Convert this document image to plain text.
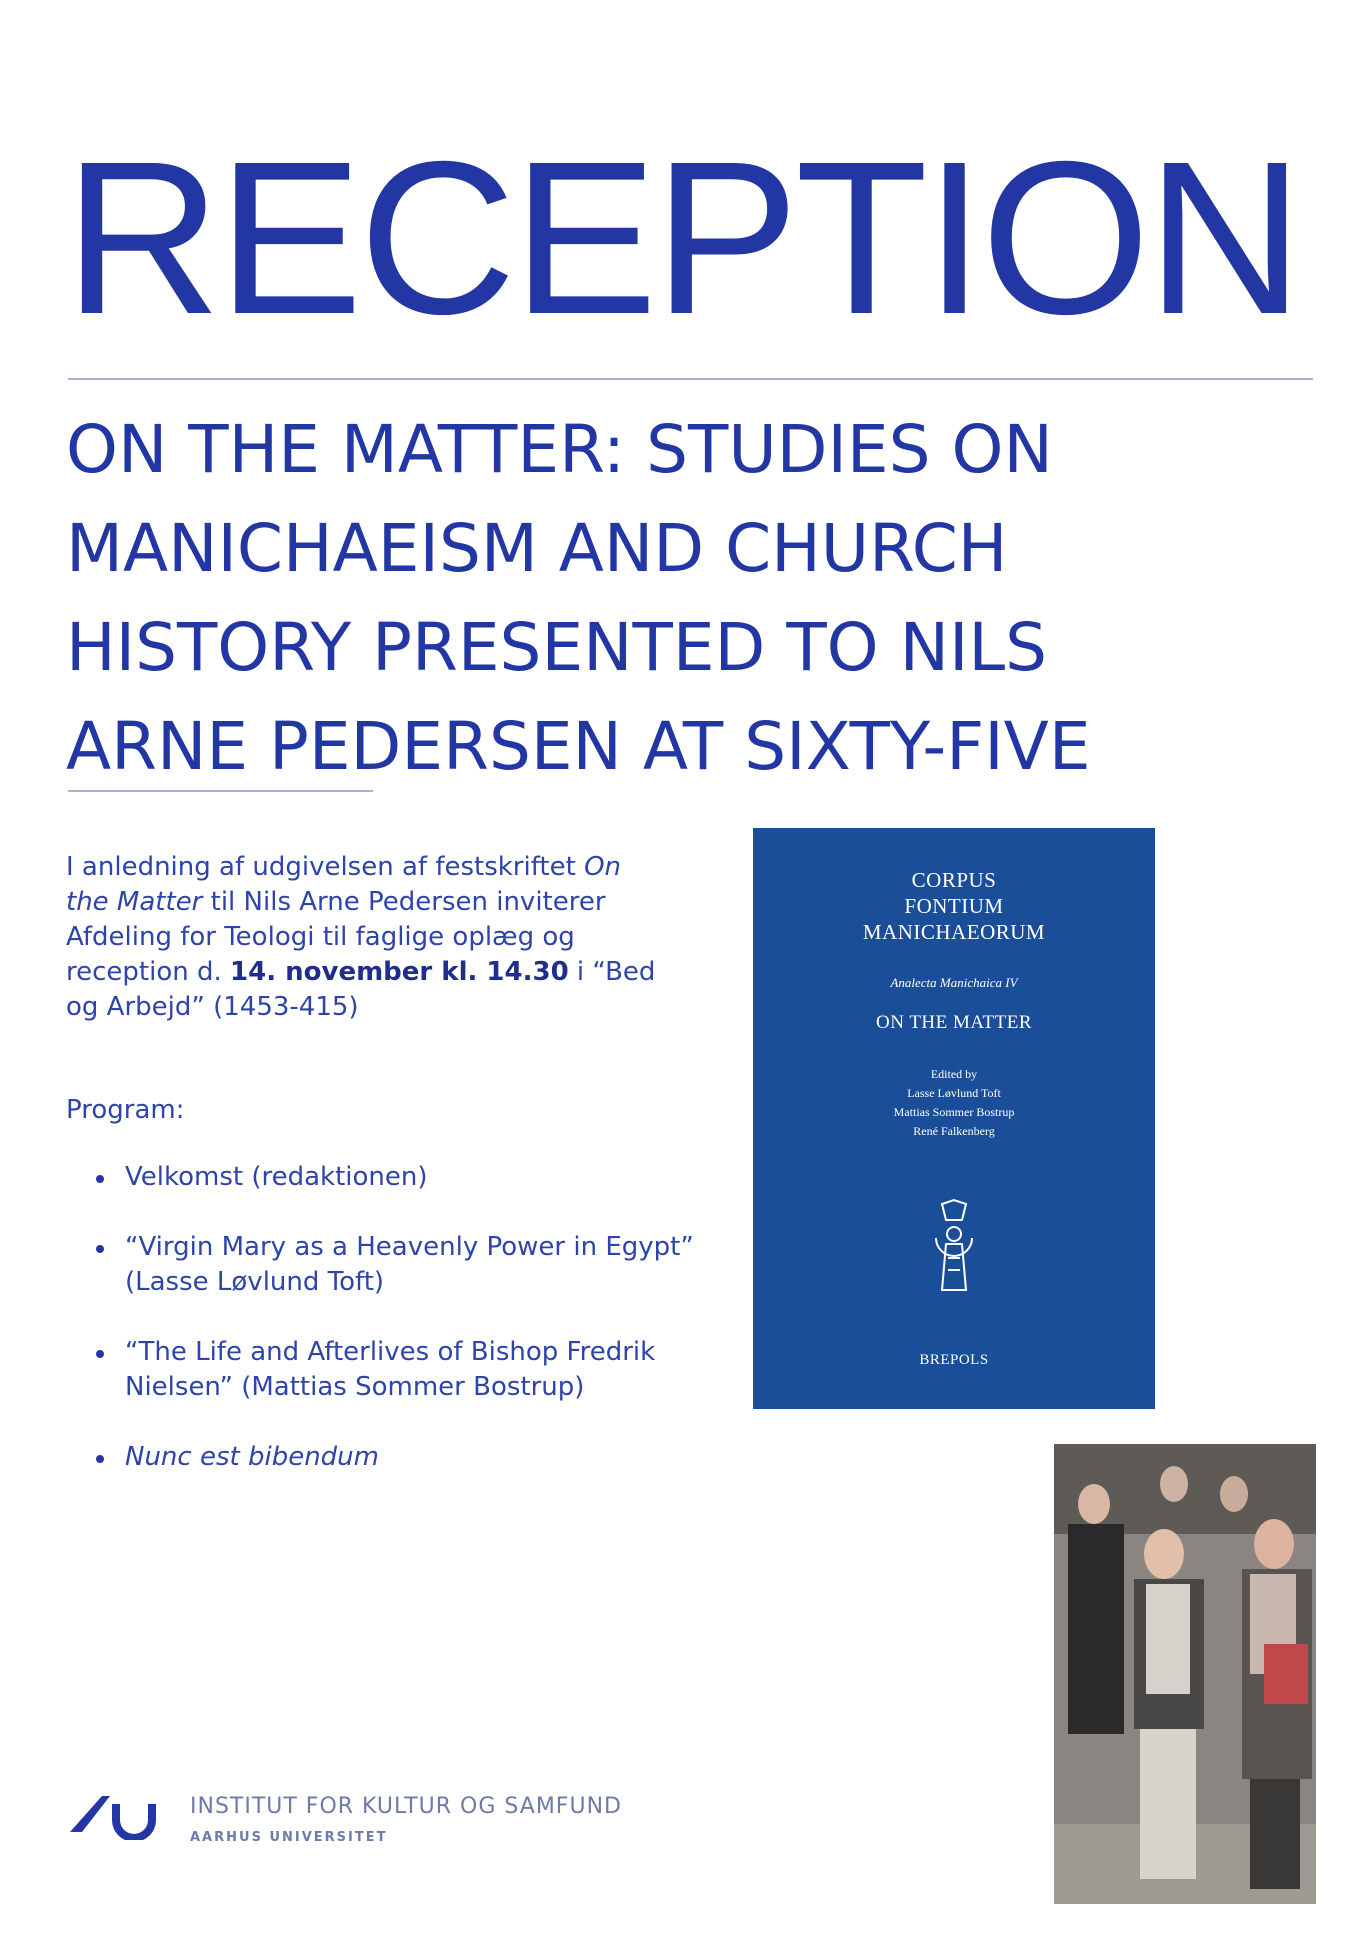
RECEPTION
ON THE MATTER: STUDIES ON
MANICHAEISM AND CHURCH
HISTORY PRESENTED TO NILS
ARNE PEDERSEN AT SIXTY-FIVE

I anledning af udgivelsen af festskriftet On the Matter til Nils Arne Pedersen inviterer Afdeling for Teologi til faglige oplæg og reception d. 14. november kl. 14.30 i “Bed og Arbejd” (1453-415)

Program:

Velkomst (redaktionen)
“Virgin Mary as a Heavenly Power in Egypt” (Lasse Løvlund Toft)
“The Life and Afterlives of Bishop Fredrik Nielsen” (Mattias Sommer Bostrup)
Nunc est bibendum
CORPUS
FONTIUM
MANICHAEORUM
Analecta Manichaica IV
ON THE MATTER
Edited by
Lasse Løvlund Toft
Mattias Sommer Bostrup
René Falkenberg
BREPOLS

INSTITUT FOR KULTUR OG SAMFUND

AARHUS UNIVERSITET
